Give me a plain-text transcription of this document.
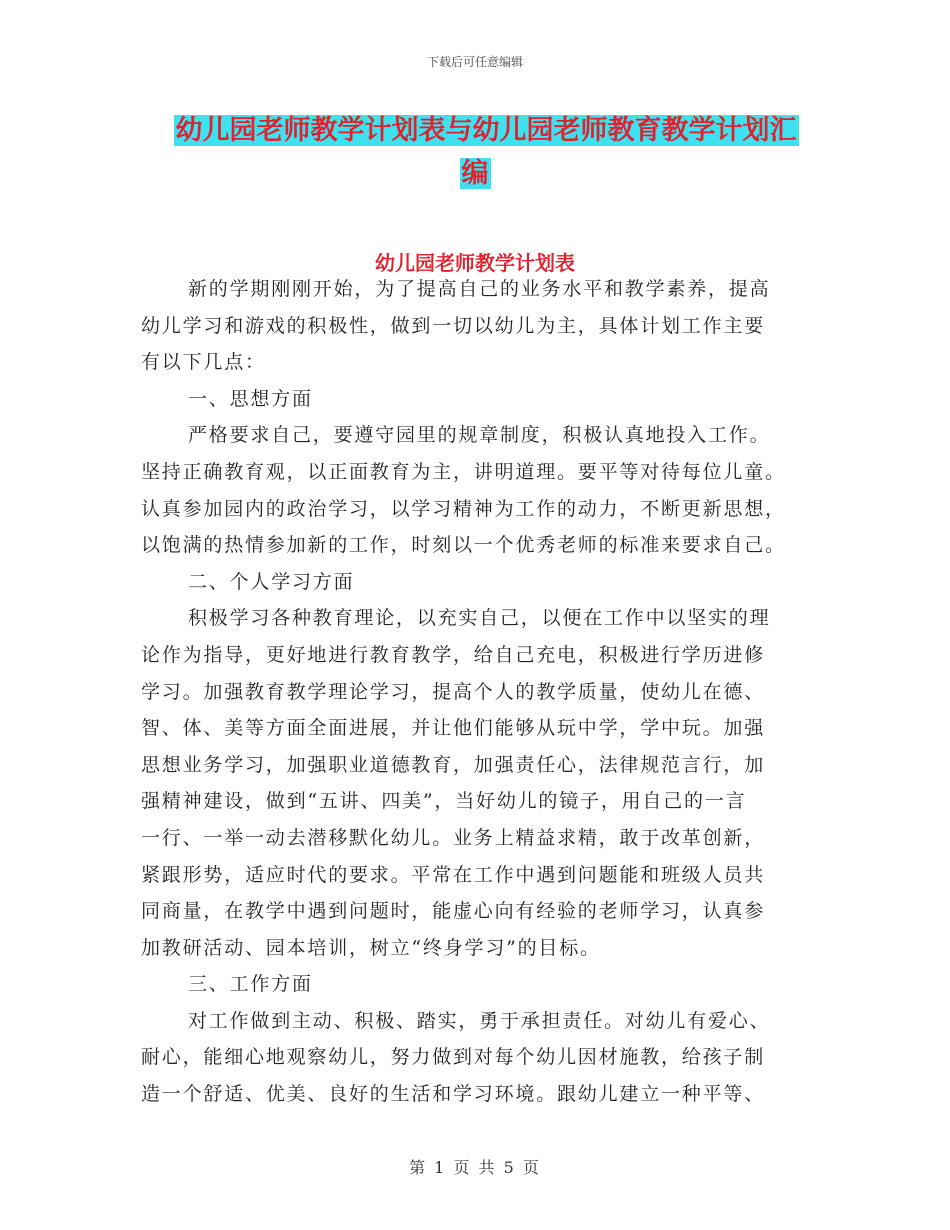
下载后可任意编辑
幼儿园老师教学计划表与幼儿园老师教育教学计划汇
编
幼儿园老师教学计划表
新的学期刚刚开始，为了提高自己的业务水平和教学素养，提高
幼儿学习和游戏的积极性，做到一切以幼儿为主，具体计划工作主要
有以下几点：
一、思想方面
严格要求自己，要遵守园里的规章制度，积极认真地投入工作。
坚持正确教育观，以正面教育为主，讲明道理。要平等对待每位儿童。
认真参加园内的政治学习，以学习精神为工作的动力，不断更新思想，
以饱满的热情参加新的工作，时刻以一个优秀老师的标准来要求自己。
二、个人学习方面
积极学习各种教育理论，以充实自己，以便在工作中以坚实的理
论作为指导，更好地进行教育教学，给自己充电，积极进行学历进修
学习。加强教育教学理论学习，提高个人的教学质量，使幼儿在德、
智、体、美等方面全面进展，并让他们能够从玩中学，学中玩。加强
思想业务学习，加强职业道德教育，加强责任心，法律规范言行，加
强精神建设，做到“五讲、四美”，当好幼儿的镜子，用自己的一言
一行、一举一动去潜移默化幼儿。业务上精益求精，敢于改革创新，
紧跟形势，适应时代的要求。平常在工作中遇到问题能和班级人员共
同商量，在教学中遇到问题时，能虚心向有经验的老师学习，认真参
加教研活动、园本培训，树立“终身学习”的目标。
三、工作方面
对工作做到主动、积极、踏实，勇于承担责任。对幼儿有爱心、
耐心，能细心地观察幼儿，努力做到对每个幼儿因材施教，给孩子制
造一个舒适、优美、良好的生活和学习环境。跟幼儿建立一种平等、
第 1 页 共 5 页
